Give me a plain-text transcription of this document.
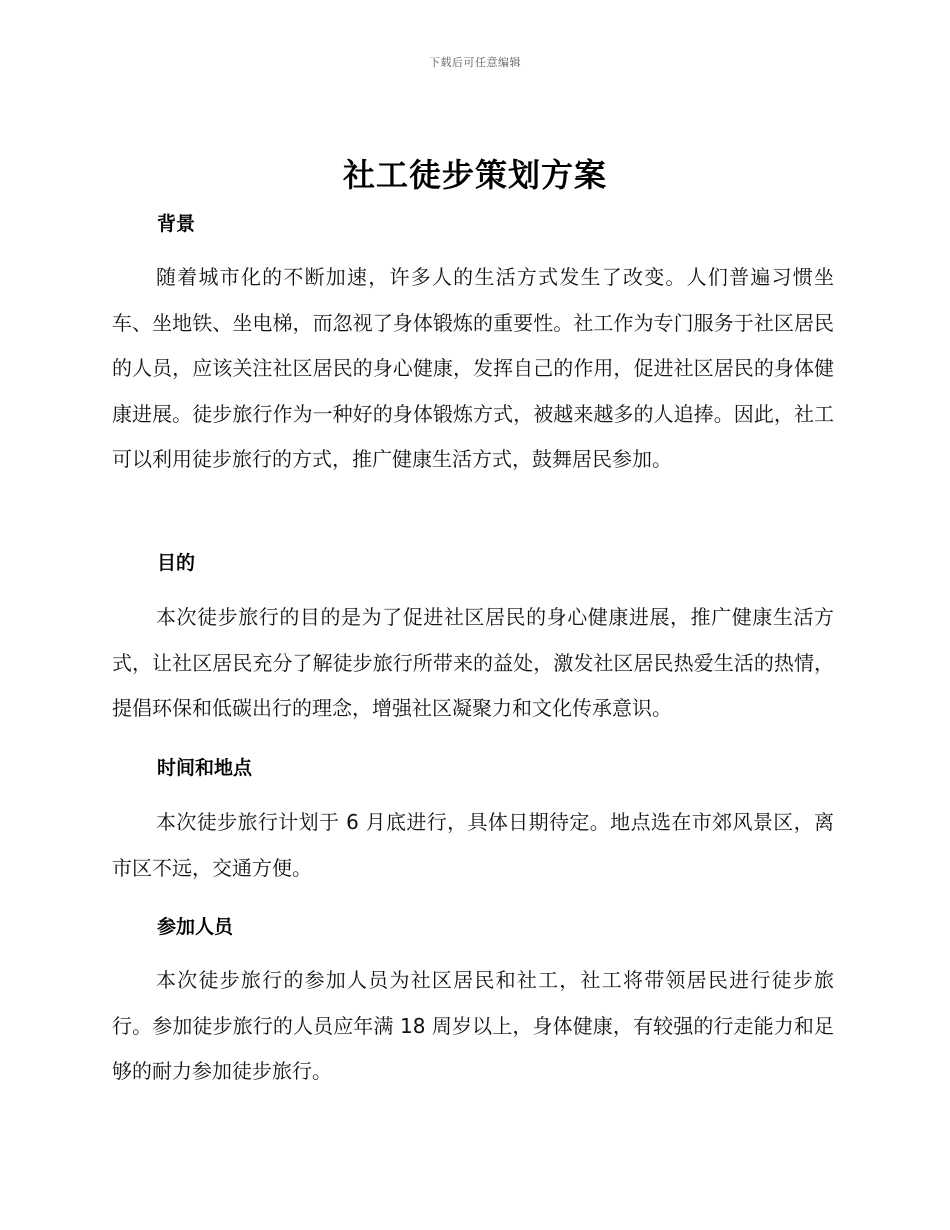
下载后可任意编辑
社工徒步策划方案
背景

随着城市化的不断加速，许多人的生活方式发生了改变。人们普遍习惯坐车、坐地铁、坐电梯，而忽视了身体锻炼的重要性。社工作为专门服务于社区居民的人员，应该关注社区居民的身心健康，发挥自己的作用，促进社区居民的身体健康进展。徒步旅行作为一种好的身体锻炼方式，被越来越多的人追捧。因此，社工可以利用徒步旅行的方式，推广健康生活方式，鼓舞居民参加。

目的

本次徒步旅行的目的是为了促进社区居民的身心健康进展，推广健康生活方式，让社区居民充分了解徒步旅行所带来的益处，激发社区居民热爱生活的热情，提倡环保和低碳出行的理念，增强社区凝聚力和文化传承意识。

时间和地点

本次徒步旅行计划于 6 月底进行，具体日期待定。地点选在市郊风景区，离市区不远，交通方便。

参加人员

本次徒步旅行的参加人员为社区居民和社工，社工将带领居民进行徒步旅行。参加徒步旅行的人员应年满 18 周岁以上，身体健康，有较强的行走能力和足够的耐力参加徒步旅行。
